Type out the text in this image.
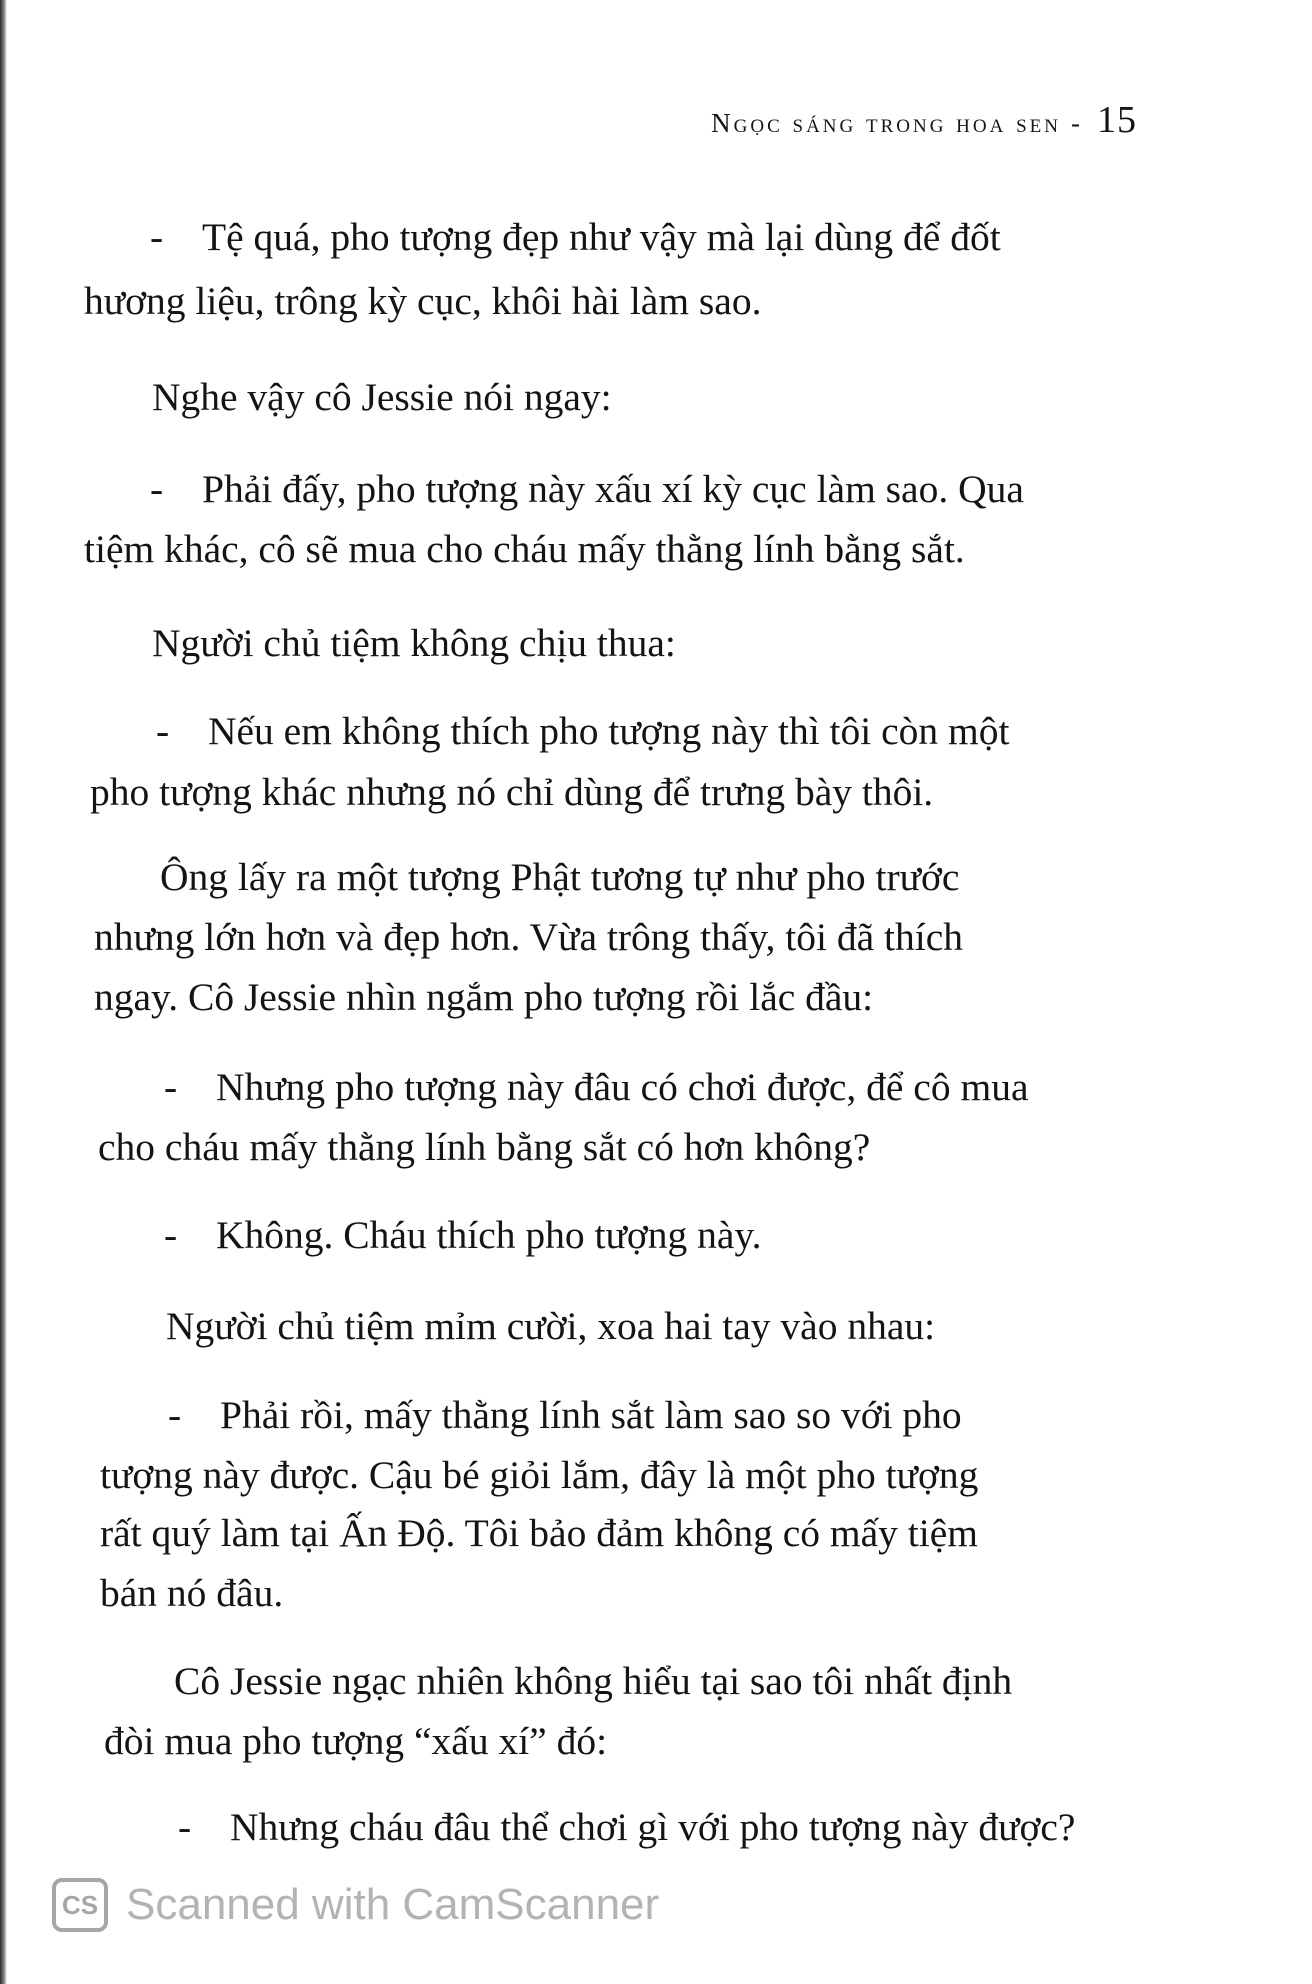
Ngọc sáng trong hoa sen - 15
- Tệ quá, pho tượng đẹp như vậy mà lại dùng để đốt
hương liệu, trông kỳ cục, khôi hài làm sao.
Nghe vậy cô Jessie nói ngay:
- Phải đấy, pho tượng này xấu xí kỳ cục làm sao. Qua
tiệm khác, cô sẽ mua cho cháu mấy thằng lính bằng sắt.
Người chủ tiệm không chịu thua:
- Nếu em không thích pho tượng này thì tôi còn một
pho tượng khác nhưng nó chỉ dùng để trưng bày thôi.
Ông lấy ra một tượng Phật tương tự như pho trước
nhưng lớn hơn và đẹp hơn. Vừa trông thấy, tôi đã thích
ngay. Cô Jessie nhìn ngắm pho tượng rồi lắc đầu:
- Nhưng pho tượng này đâu có chơi được, để cô mua
cho cháu mấy thằng lính bằng sắt có hơn không?
- Không. Cháu thích pho tượng này.
Người chủ tiệm mỉm cười, xoa hai tay vào nhau:
- Phải rồi, mấy thằng lính sắt làm sao so với pho
tượng này được. Cậu bé giỏi lắm, đây là một pho tượng
rất quý làm tại Ấn Độ. Tôi bảo đảm không có mấy tiệm
bán nó đâu.
Cô Jessie ngạc nhiên không hiểu tại sao tôi nhất định
đòi mua pho tượng “xấu xí” đó:
- Nhưng cháu đâu thể chơi gì với pho tượng này được?
CS Scanned with CamScanner
